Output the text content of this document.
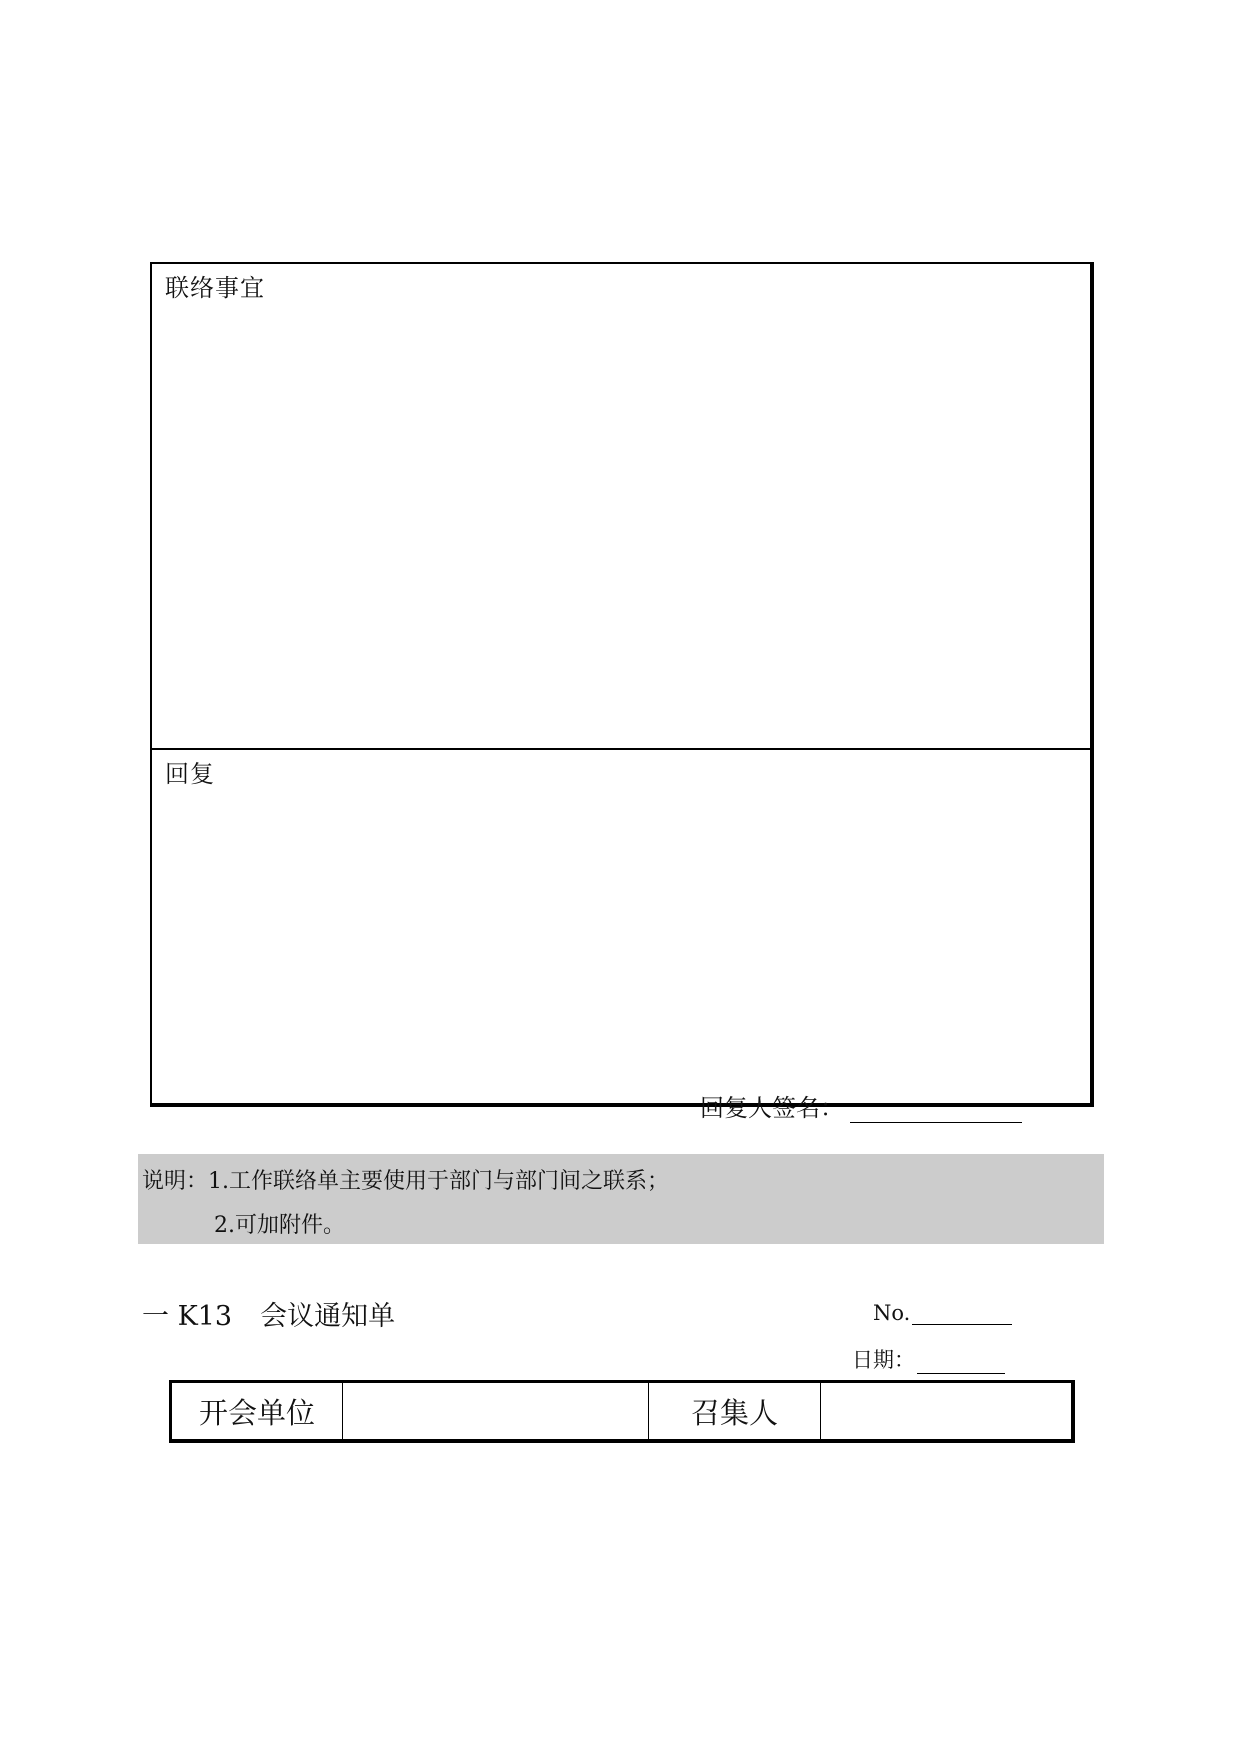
联络事宜
回复
回复人签名：
说明：1.工作联络单主要使用于部门与部门间之联系；
2.可加附件。
一 K13 会议通知单	No.
日期：
开会单位	召集人
